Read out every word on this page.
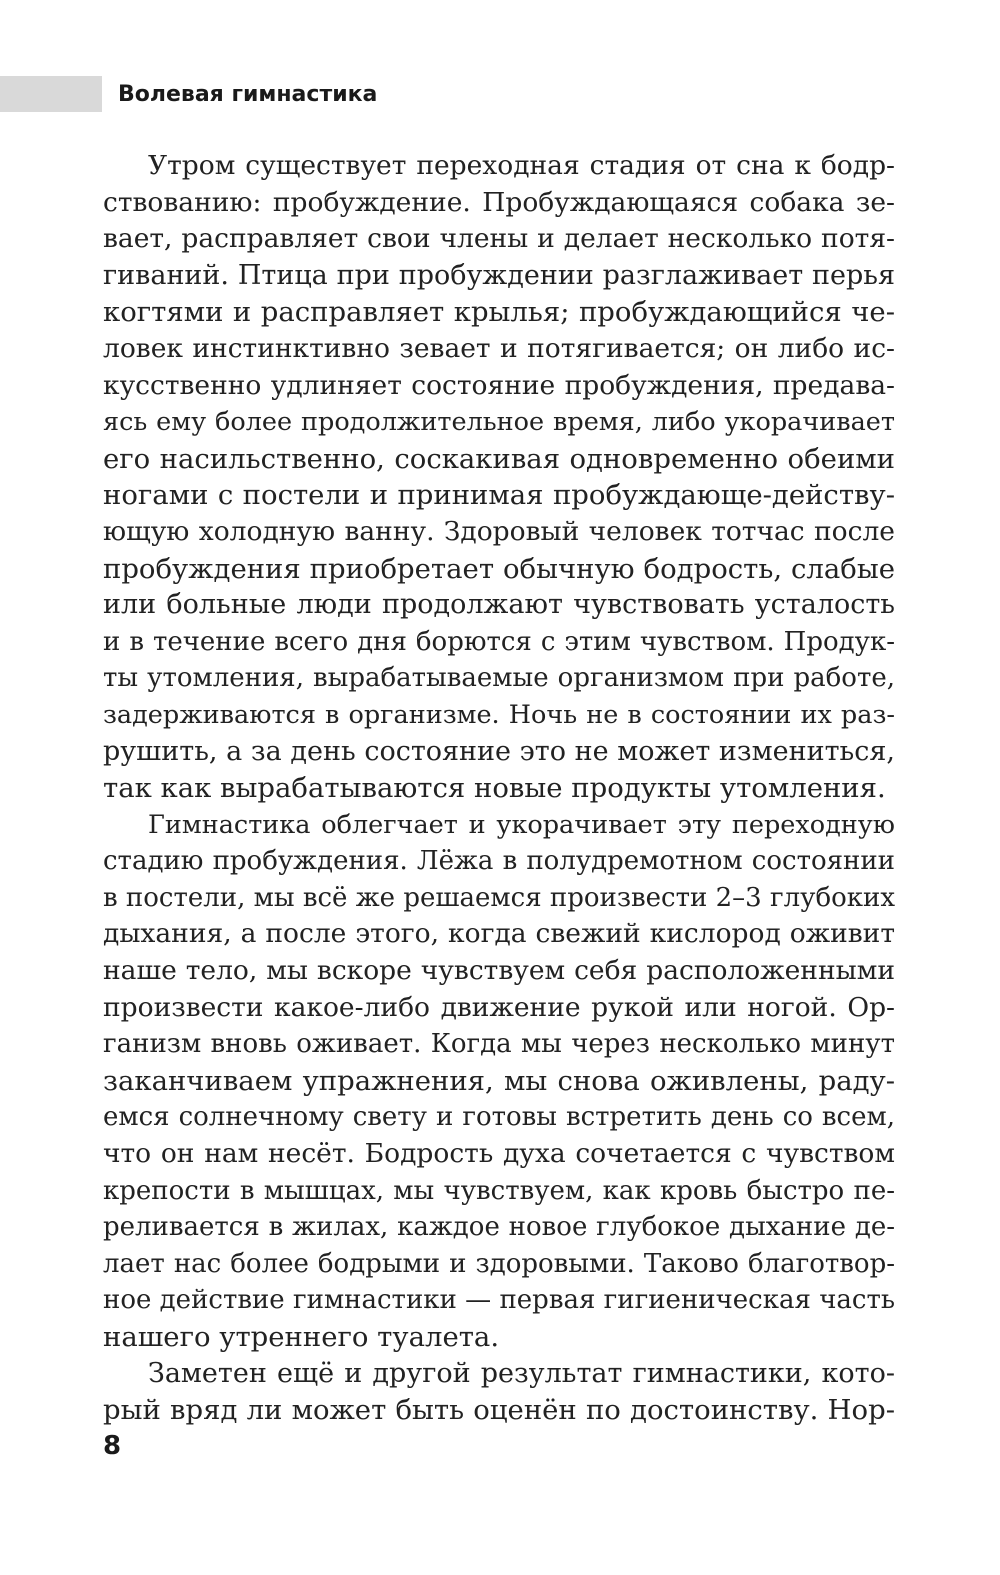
Волевая гимнастика
Утром существует переходная стадия от сна к бодр-
ствованию: пробуждение. Пробуждающаяся собака зе-
вает, расправляет свои члены и делает несколько потя-
гиваний. Птица при пробуждении разглаживает перья
когтями и расправляет крылья; пробуждающийся че-
ловек инстинктивно зевает и потягивается; он либо ис-
кусственно удлиняет состояние пробуждения, предава-
ясь ему более продолжительное время, либо укорачивает
его насильственно, соскакивая одновременно обеими
ногами с постели и принимая пробуждающе-действу-
ющую холодную ванну. Здоровый человек тотчас после
пробуждения приобретает обычную бодрость, слабые
или больные люди продолжают чувствовать усталость
и в течение всего дня борются с этим чувством. Продук-
ты утомления, вырабатываемые организмом при работе,
задерживаются в организме. Ночь не в состоянии их раз-
рушить, а за день состояние это не может измениться,
так как вырабатываются новые продукты утомления.
Гимнастика облегчает и укорачивает эту переходную
стадию пробуждения. Лёжа в полудремотном состоянии
в постели, мы всё же решаемся произвести 2–3 глубоких
дыхания, а после этого, когда свежий кислород оживит
наше тело, мы вскоре чувствуем себя расположенными
произвести какое-либо движение рукой или ногой. Ор-
ганизм вновь оживает. Когда мы через несколько минут
заканчиваем упражнения, мы снова оживлены, раду-
емся солнечному свету и готовы встретить день со всем,
что он нам несёт. Бодрость духа сочетается с чувством
крепости в мышцах, мы чувствуем, как кровь быстро пе-
реливается в жилах, каждое новое глубокое дыхание де-
лает нас более бодрыми и здоровыми. Таково благотвор-
ное действие гимнастики — первая гигиеническая часть
нашего утреннего туалета.
Заметен ещё и другой результат гимнастики, кото-
рый вряд ли может быть оценён по достоинству. Нор-
8
